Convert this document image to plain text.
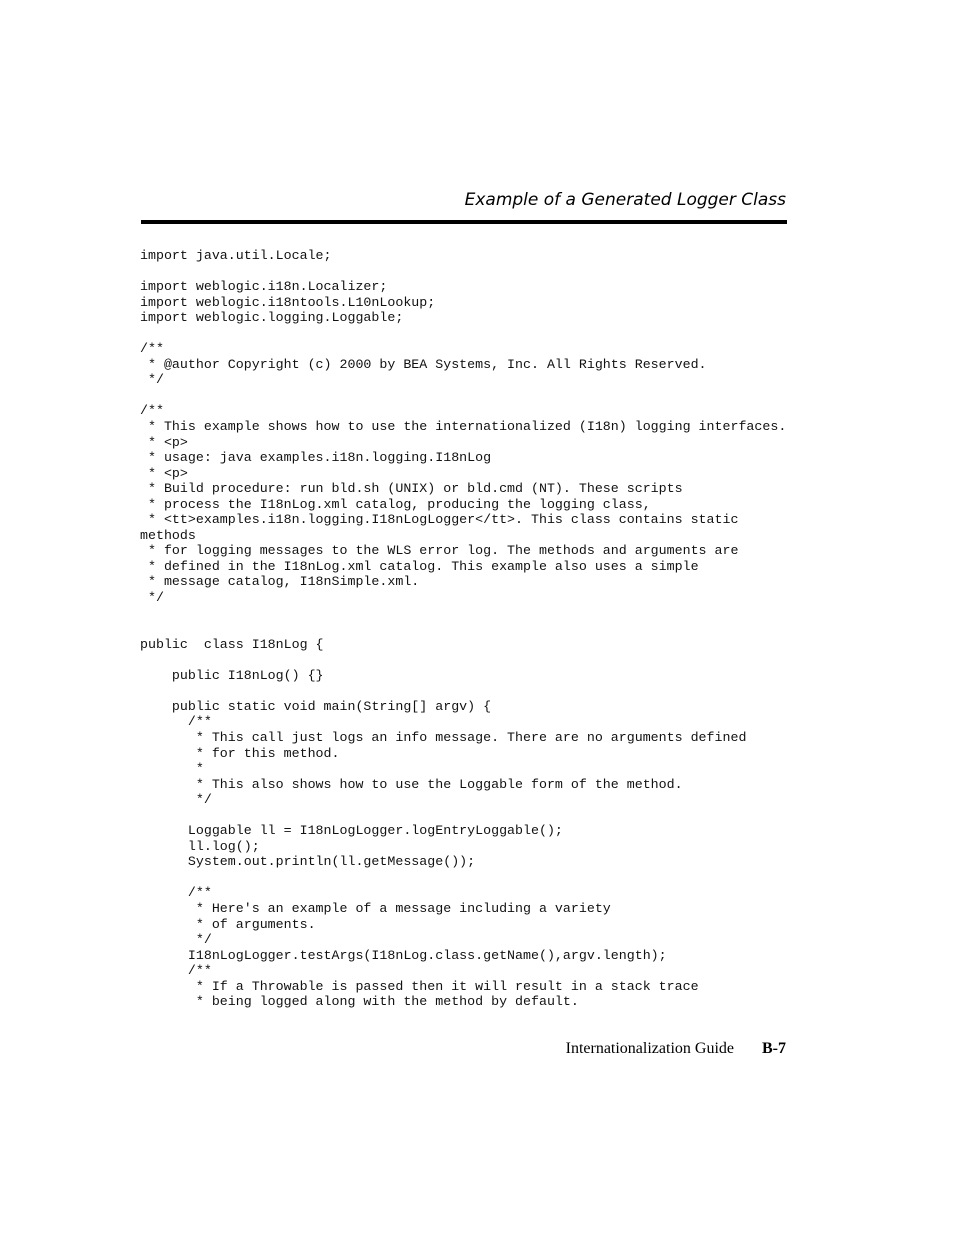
Example of a Generated Logger Class
import java.util.Locale;
import weblogic.i18n.Localizer;
import weblogic.i18ntools.L10nLookup;
import weblogic.logging.Loggable;
/**
* @author Copyright (c) 2000 by BEA Systems, Inc. All Rights Reserved.
*/
/**
* This example shows how to use the internationalized (I18n) logging interfaces.
* <p>
* usage: java examples.i18n.logging.I18nLog
* <p>
* Build procedure: run bld.sh (UNIX) or bld.cmd (NT). These scripts
* process the I18nLog.xml catalog, producing the logging class,
* <tt>examples.i18n.logging.I18nLogLogger</tt>. This class contains static
methods
* for logging messages to the WLS error log. The methods and arguments are
* defined in the I18nLog.xml catalog. This example also uses a simple
* message catalog, I18nSimple.xml.
*/
public  class I18nLog {
public I18nLog() {}
public static void main(String[] argv) {
/**
* This call just logs an info message. There are no arguments defined
* for this method.
*
* This also shows how to use the Loggable form of the method.
*/
Loggable ll = I18nLogLogger.logEntryLoggable();
ll.log();
System.out.println(ll.getMessage());
/**
* Here's an example of a message including a variety
* of arguments.
*/
I18nLogLogger.testArgs(I18nLog.class.getName(),argv.length);
/**
* If a Throwable is passed then it will result in a stack trace
* being logged along with the method by default.
Internationalization Guide B-7
